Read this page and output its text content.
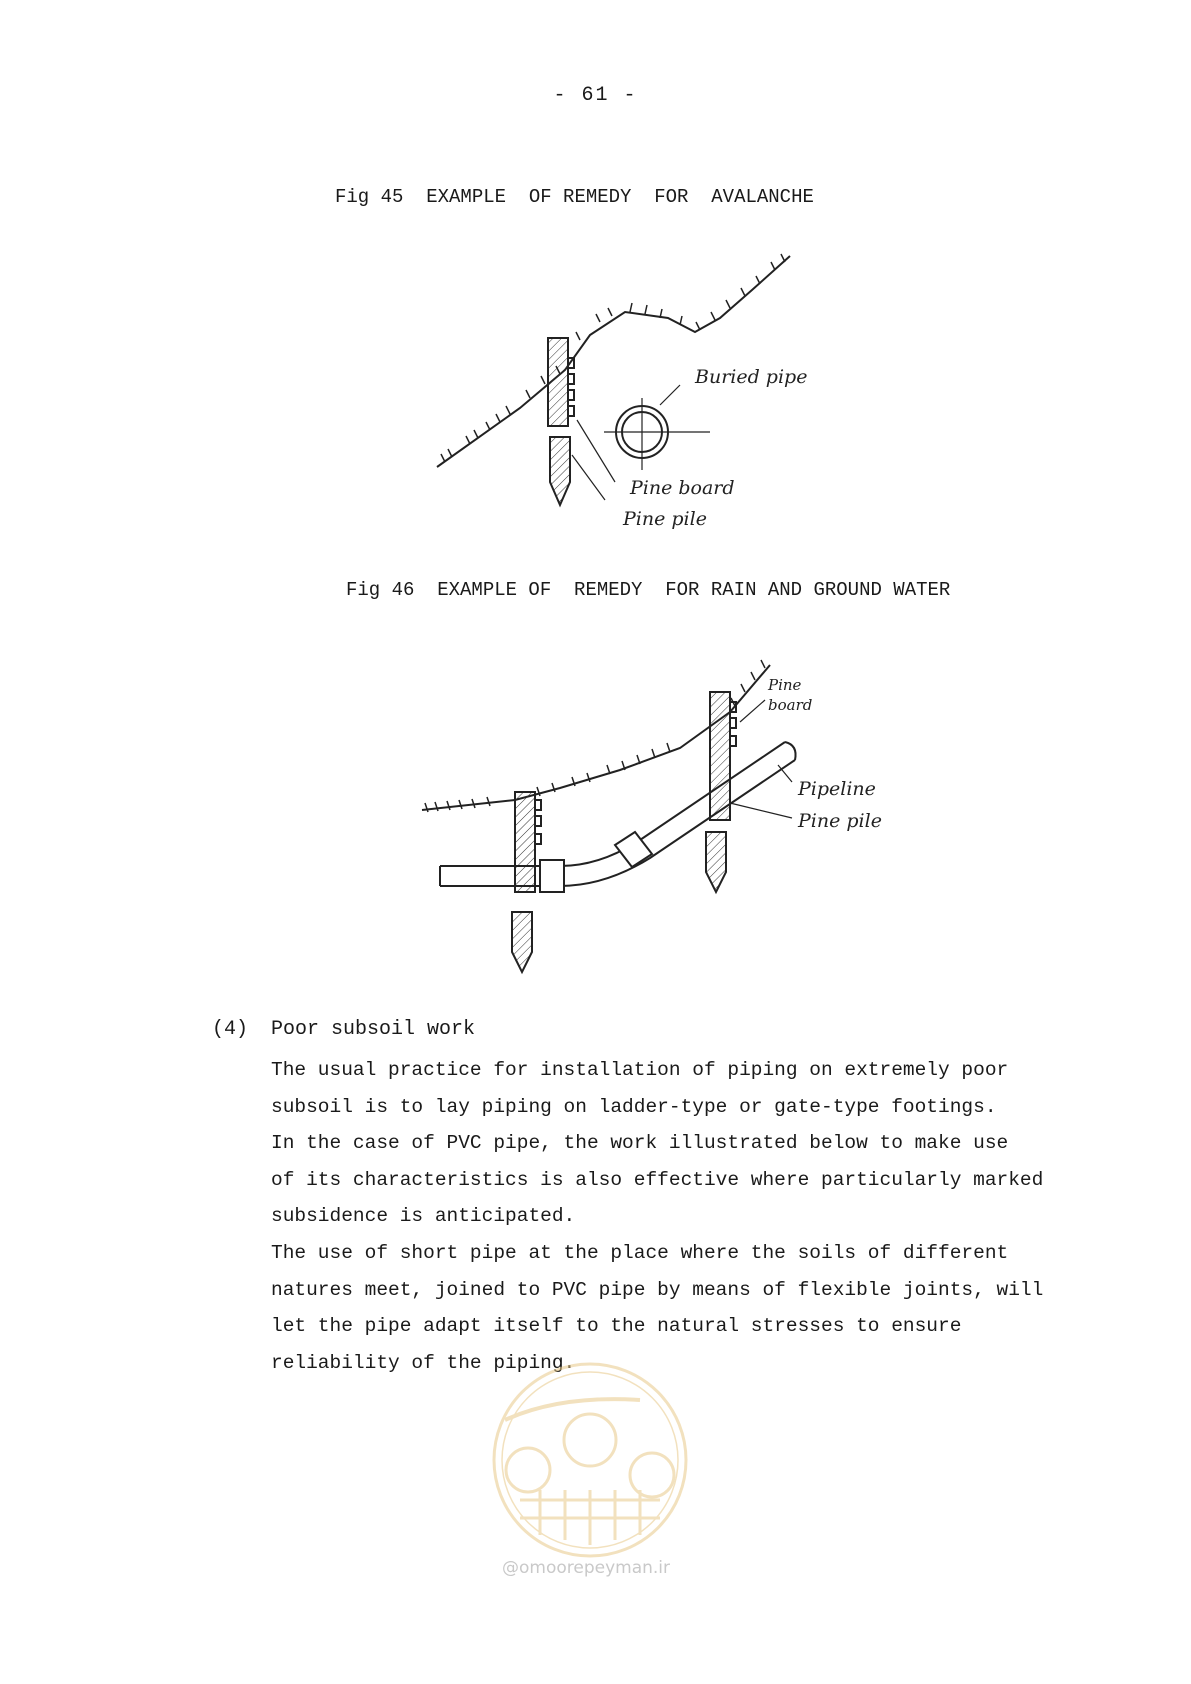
- 61 -
Fig 45  EXAMPLE  OF REMEDY  FOR  AVALANCHE
Buried pipe
Pine board
Pine pile
Fig 46  EXAMPLE OF  REMEDY  FOR RAIN AND GROUND WATER
Pine
board
Pipeline
Pine pile
(4) Poor subsoil work
The usual practice for installation of piping on extremely poor
subsoil is to lay piping on ladder-type or gate-type footings.
In the case of PVC pipe, the work illustrated below to make use
of its characteristics is also effective where particularly marked
subsidence is anticipated.
The use of short pipe at the place where the soils of different
natures meet, joined to PVC pipe by means of flexible joints, will
let the pipe adapt itself to the natural stresses to ensure
reliability of the piping.
@omoorepeyman.ir
